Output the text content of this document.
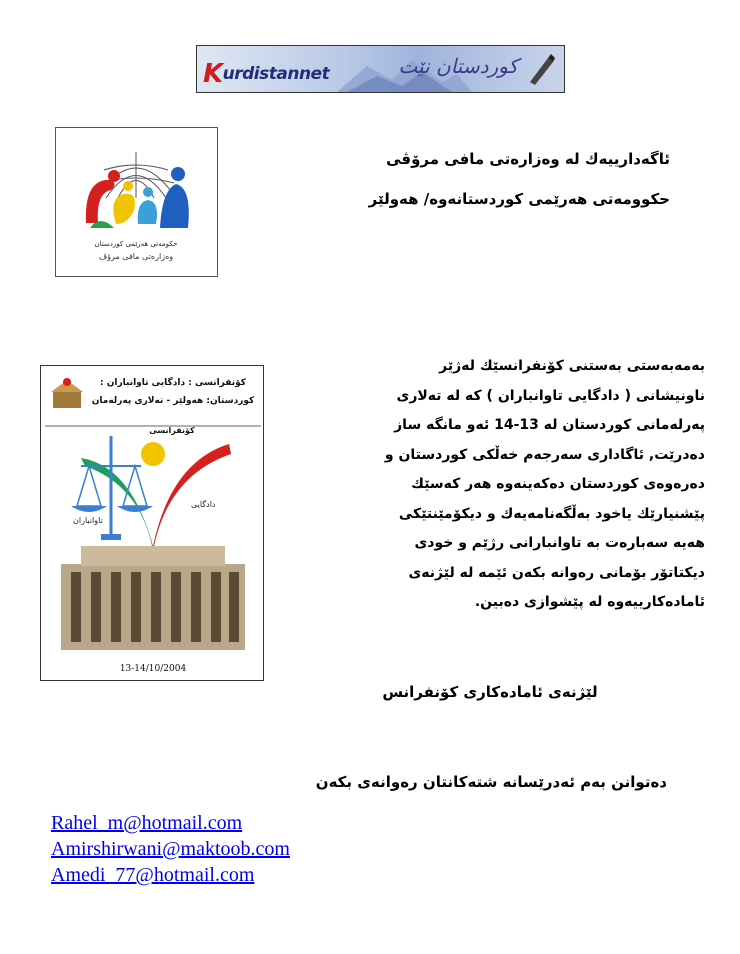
Kurdistannet	کوردستان نێت
حکومەتی هەرێمی کوردستان
وەزارەتی مافی مرۆڤ
ئاگەدارییەك لە وەزارەتی مافی مرۆڤی
حكوومەتی هەرێمی كوردستانەوە/ هەولێر
كۆنفرانسی : دادگایی تاوانباران :
كوردستان: هەولێر - تەلاری پەرلەمان
كۆنفرانسی
تاوانباران
دادگایی
13-14/10/2004
بەمەبەستی بەستنی كۆنفرانسێك لەژێر
ناونیشانی ( دادگایی تاوانباران ) كە لە تەلاری
پەرلەمانی كوردستان لە 13-14 ئەو مانگە ساز
دەدرێت, ئاگاداری سەرجەم خەڵكی كوردستان و
دەرەوەی كوردستان دەكەینەوە هەر كەسێك
پێشنیارێك یاخود بەڵگەنامەیەك و دیكۆمێنتێكی
هەیە سەبارەت بە تاوانبارانی رژێم و خودی
دیكتاتۆر بۆمانی رەوانە بكەن ئێمە لە لێژنەی
ئامادەكارییەوە لە پێشوازی دەبین.
لێژنەی ئامادەكاری كۆنفرانس
دەتوانن بەم ئەدرێسانە شتەكانتان رەوانەی بكەن
Rahel_m@hotmail.com
Amirshirwani@maktoob.com
Amedi_77@hotmail.com
